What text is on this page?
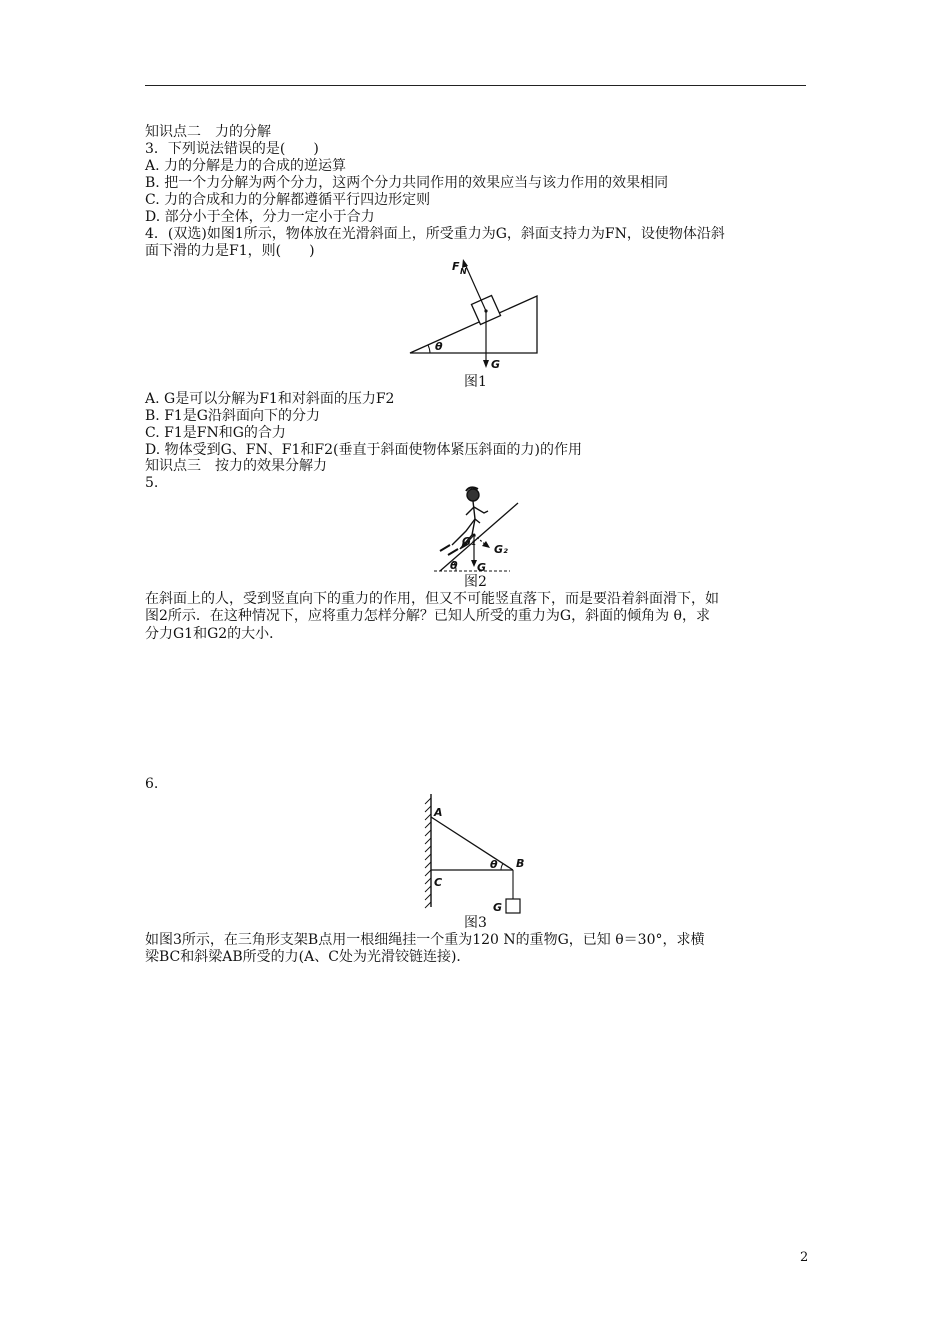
知识点二　力的分解
3．下列说法错误的是(　　)
A. 力的分解是力的合成的逆运算
B. 把一个力分解为两个分力，这两个分力共同作用的效果应当与该力作用的效果相同
C. 力的合成和力的分解都遵循平行四边形定则
D. 部分小于全体，分力一定小于合力
4．(双选)如图1所示，物体放在光滑斜面上，所受重力为G，斜面支持力为FN，设使物体沿斜
面下滑的力是F1，则(　　)
F N
G
θ
图1
A. G是可以分解为F1和对斜面的压力F2
B. F1是G沿斜面向下的分力
C. F1是FN和G的合力
D. 物体受到G、FN、F1和F2(垂直于斜面使物体紧压斜面的力)的作用
知识点三　按力的效果分解力
5.
G₁
G₂
G
θ
图2
在斜面上的人，受到竖直向下的重力的作用，但又不可能竖直落下，而是要沿着斜面滑下，如
图2所示．在这种情况下，应将重力怎样分解？已知人所受的重力为G，斜面的倾角为 θ，求
分力G1和G2的大小．
6.
A
B
C
G
θ
图3
如图3所示，在三角形支架B点用一根细绳挂一个重为120 N的重物G，已知 θ＝30°，求横
梁BC和斜梁AB所受的力(A、C处为光滑铰链连接)．
2
